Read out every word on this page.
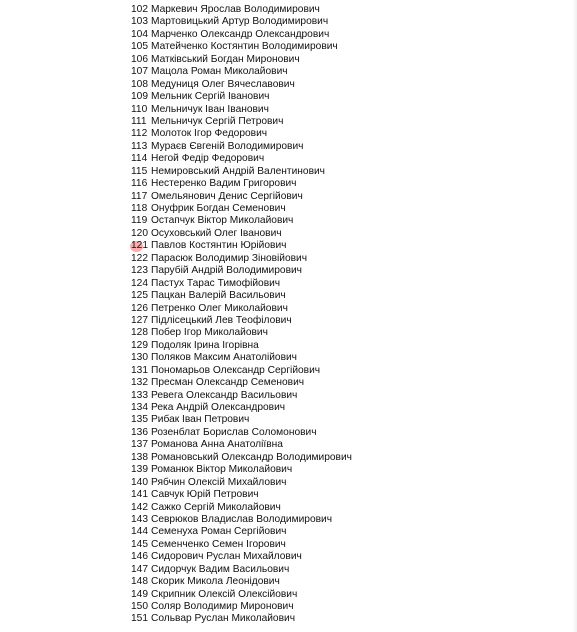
102 Маркевич Ярослав Володимирович
103 Мартовицький Артур Володимирович
104 Марченко Олександр Олександрович
105 Матейченко Костянтин Володимирович
106 Матківський Богдан Миронович
107 Мацола Роман Миколайович
108 Медуниця Олег Вячеславович
109 Мельник Сергій Іванович
110 Мельничук Іван Іванович
111 Мельничук Сергій Петрович
112 Молоток Ігор Федорович
113 Мураєв Євгеній Володимирович
114 Негой Федір Федорович
115 Немировський Андрій Валентинович
116 Нестеренко Вадим Григорович
117 Омельянович Денис Сергійович
118 Онуфрик Богдан Семенович
119 Остапчук Віктор Миколайович
120 Осуховський Олег Іванович
121 Павлов Костянтин Юрійович
122 Парасюк Володимир Зіновійович
123 Парубій Андрій Володимирович
124 Пастух Тарас Тимофійович
125 Пацкан Валерій Васильович
126 Петренко Олег Миколайович
127 Підлісецький Лев Теофілович
128 Побер Ігор Миколайович
129 Подоляк Ірина Ігорівна
130 Поляков Максим Анатолійович
131 Пономарьов Олександр Сергійович
132 Пресман Олександр Семенович
133 Ревега Олександр Васильович
134 Река Андрій Олександрович
135 Рибак Іван Петрович
136 Розенблат Борислав Соломонович
137 Романова Анна Анатоліївна
138 Романовський Олександр Володимирович
139 Романюк Віктор Миколайович
140 Рябчин Олексій Михайлович
141 Савчук Юрій Петрович
142 Сажко Сергій Миколайович
143 Севрюков Владислав Володимирович
144 Семенуха Роман Сергійович
145 Семенченко Семен Ігорович
146 Сидорович Руслан Михайлович
147 Сидорчук Вадим Васильович
148 Скорик Микола Леонідович
149 Скрипник Олексій Олексійович
150 Соляр Володимир Миронович
151 Сольвар Руслан Миколайович
